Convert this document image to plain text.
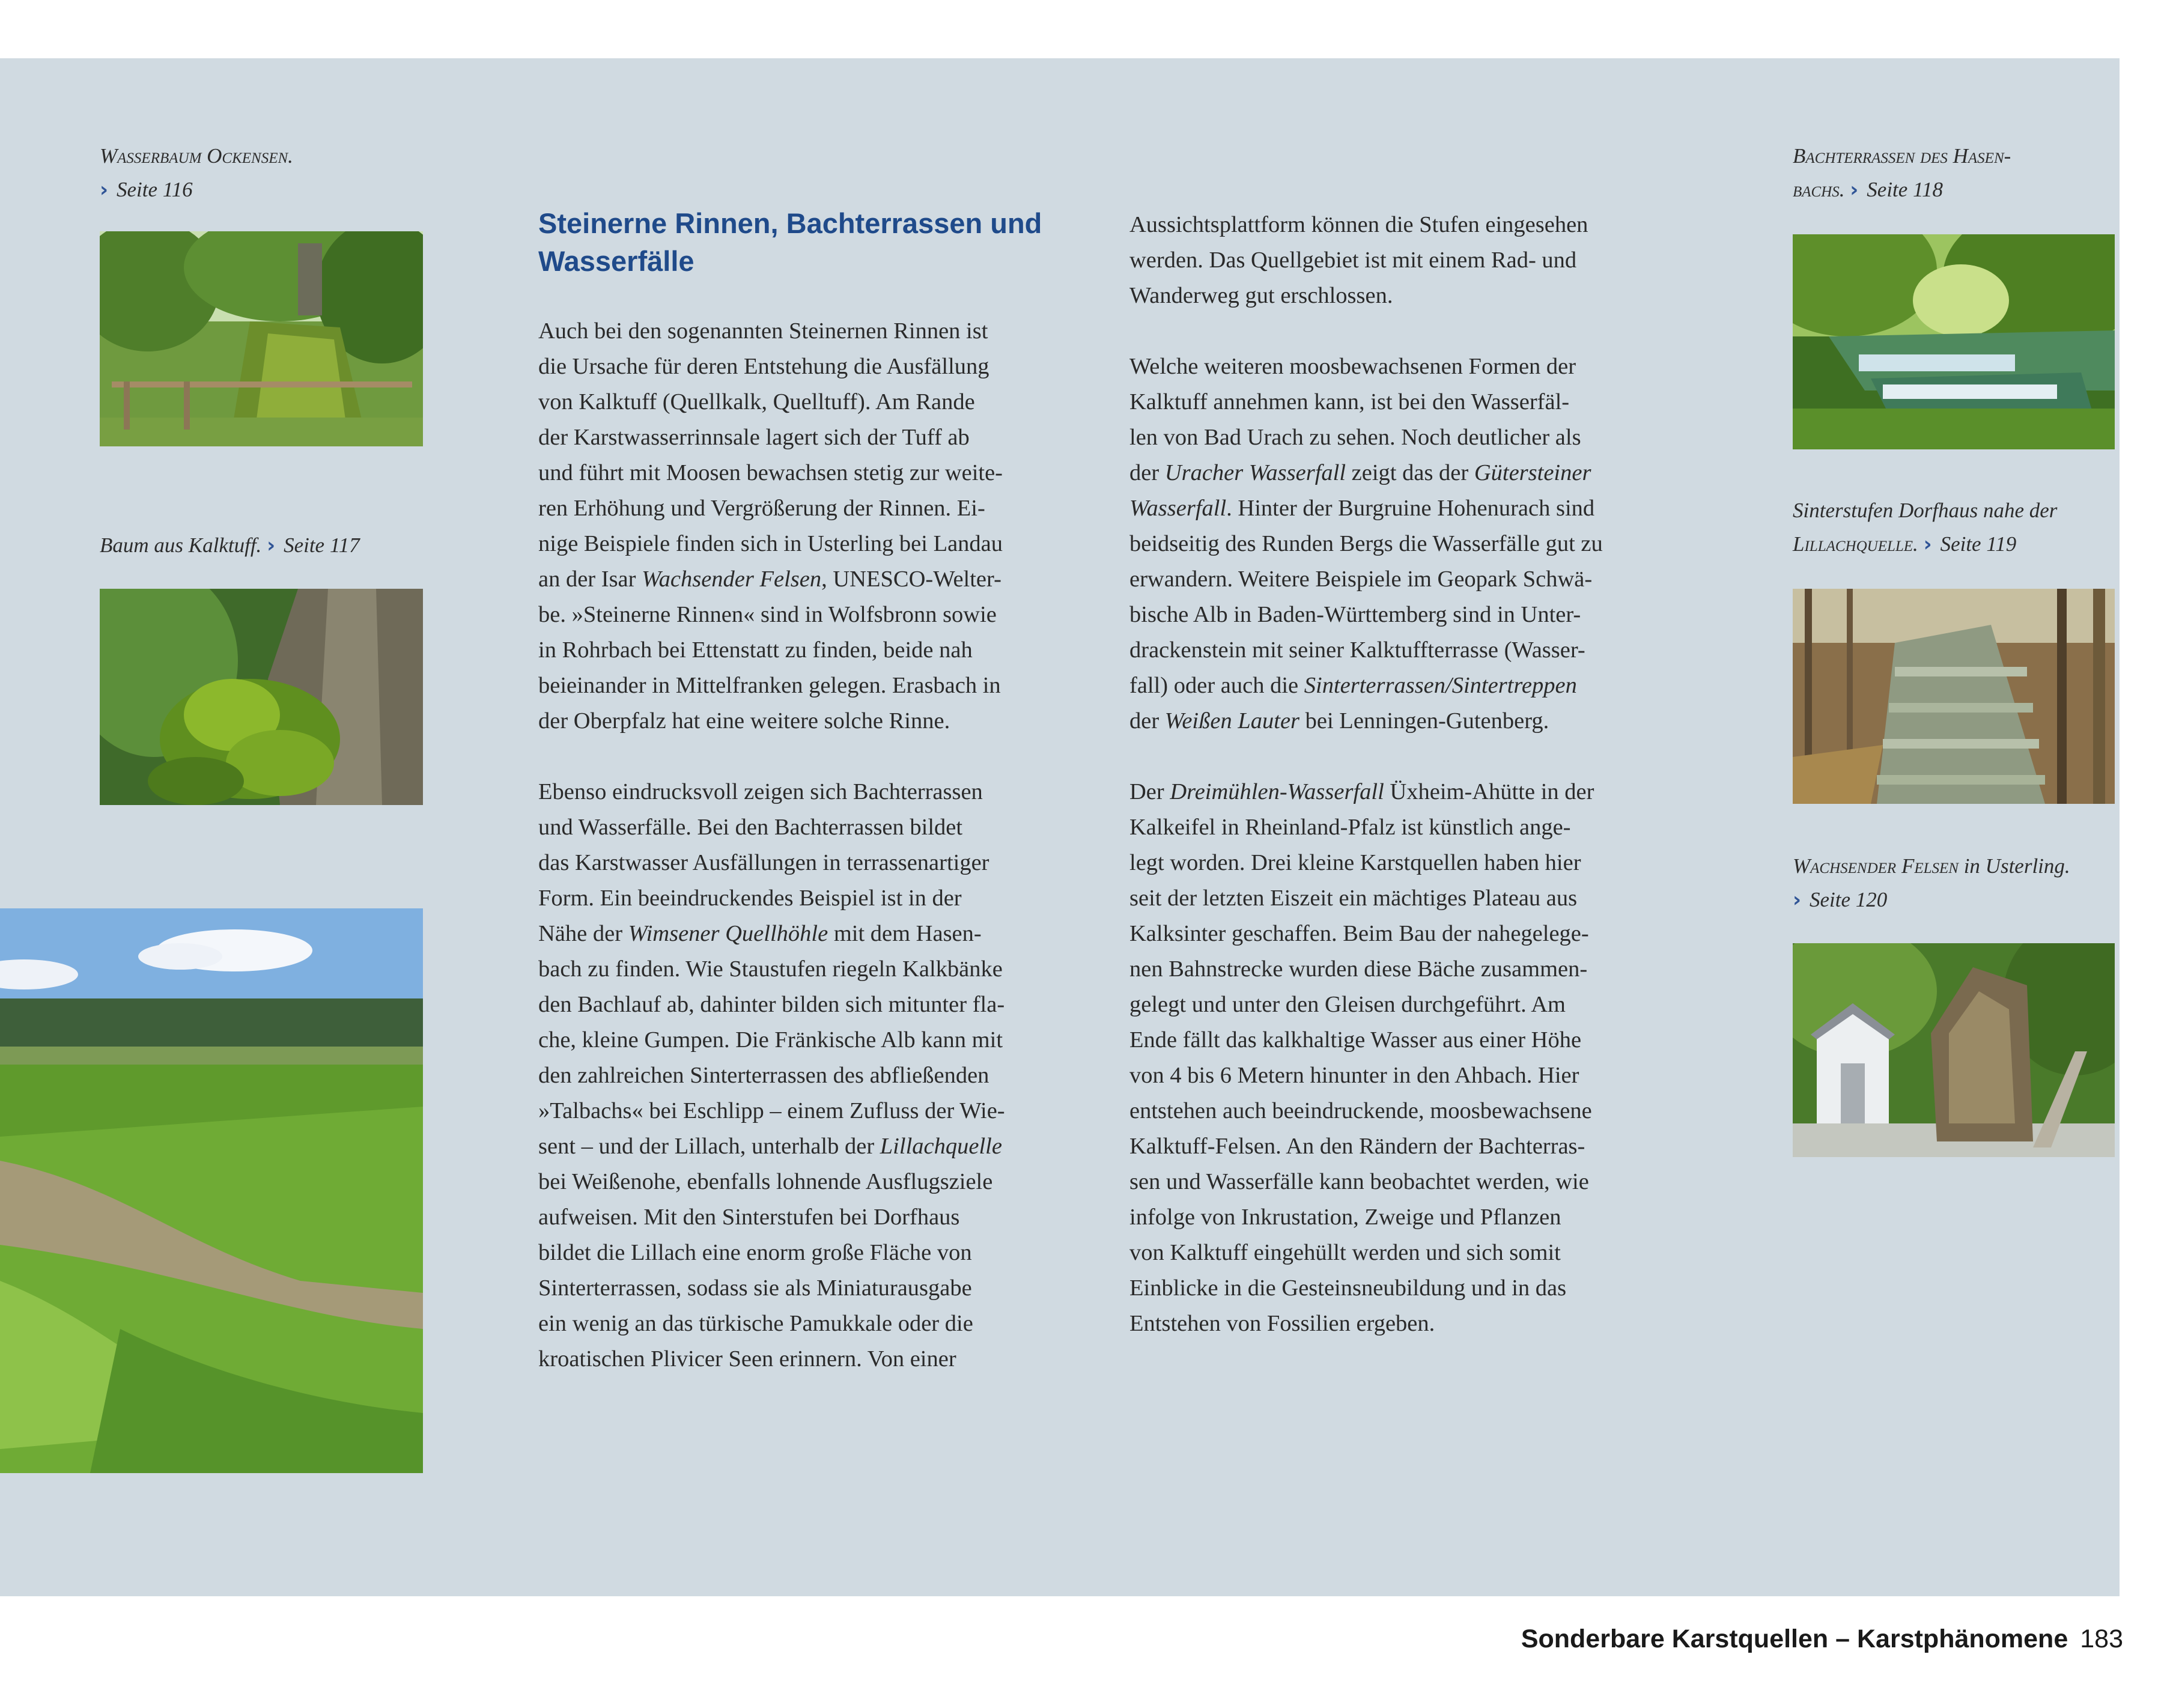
Wasserbaum Ockensen.
› Seite 116
Baum aus Kalktuff. › Seite 117
Steinerne Rinnen, Bachterrassen und Wasserfälle

Auch bei den sogenannten Steinernen Rinnen ist
die Ursache für deren Entstehung die Ausfällung
von Kalktuff (Quellkalk, Quelltuff). Am Rande
der Karstwasserrinnsale lagert sich der Tuff ab
und führt mit Moosen bewachsen stetig zur weite-
ren Erhöhung und Vergrößerung der Rinnen. Ei-
nige Beispiele finden sich in Usterling bei Landau
an der Isar Wachsender Felsen, UNESCO-Welter-
be. »Steinerne Rinnen« sind in Wolfsbronn sowie
in Rohrbach bei Ettenstatt zu finden, beide nah
beieinander in Mittelfranken gelegen. Erasbach in
der Oberpfalz hat eine weitere solche Rinne.

Ebenso eindrucksvoll zeigen sich Bachterrassen
und Wasserfälle. Bei den Bachterrassen bildet
das Karstwasser Ausfällungen in terrassenartiger
Form. Ein beeindruckendes Beispiel ist in der
Nähe der Wimsener Quellhöhle mit dem Hasen-
bach zu finden. Wie Staustufen riegeln Kalkbänke
den Bachlauf ab, dahinter bilden sich mitunter fla-
che, kleine Gumpen. Die Fränkische Alb kann mit
den zahlreichen Sinterterrassen des abfließenden
»Talbachs« bei Eschlipp – einem Zufluss der Wie-
sent – und der Lillach, unterhalb der Lillachquelle
bei Weißenohe, ebenfalls lohnende Ausflugsziele
aufweisen. Mit den Sinterstufen bei Dorfhaus
bildet die Lillach eine enorm große Fläche von
Sinterterrassen, sodass sie als Miniaturausgabe
ein wenig an das türkische Pamukkale oder die
kroatischen Plivicer Seen erinnern. Von einer

Aussichtsplattform können die Stufen eingesehen
werden. Das Quellgebiet ist mit einem Rad- und
Wanderweg gut erschlossen.

Welche weiteren moosbewachsenen Formen der
Kalktuff annehmen kann, ist bei den Wasserfäl-
len von Bad Urach zu sehen. Noch deutlicher als
der Uracher Wasserfall zeigt das der Gütersteiner
Wasserfall. Hinter der Burgruine Hohenurach sind
beidseitig des Runden Bergs die Wasserfälle gut zu
erwandern. Weitere Beispiele im Geopark Schwä-
bische Alb in Baden-Württemberg sind in Unter-
drackenstein mit seiner Kalktuffterrasse (Wasser-
fall) oder auch die Sinterterrassen/Sintertreppen
der Weißen Lauter bei Lenningen-Gutenberg.

Der Dreimühlen-Wasserfall Üxheim-Ahütte in der
Kalkeifel in Rheinland-Pfalz ist künstlich ange-
legt worden. Drei kleine Karstquellen haben hier
seit der letzten Eiszeit ein mächtiges Plateau aus
Kalksinter geschaffen. Beim Bau der nahegelege-
nen Bahnstrecke wurden diese Bäche zusammen-
gelegt und unter den Gleisen durchgeführt. Am
Ende fällt das kalkhaltige Wasser aus einer Höhe
von 4 bis 6 Metern hinunter in den Ahbach. Hier
entstehen auch beeindruckende, moosbewachsene
Kalktuff-Felsen. An den Rändern der Bachterras-
sen und Wasserfälle kann beobachtet werden, wie
infolge von Inkrustation, Zweige und Pflanzen
von Kalktuff eingehüllt werden und sich somit
Einblicke in die Gesteinsneubildung und in das
Entstehen von Fossilien ergeben.

Bachterrassen des Hasen-
bachs. › Seite 118
Sinterstufen Dorfhaus nahe der
Lillachquelle. › Seite 119
Wachsender Felsen in Usterling.
› Seite 120
Sonderbare Karstquellen – Karstphänomene 183
